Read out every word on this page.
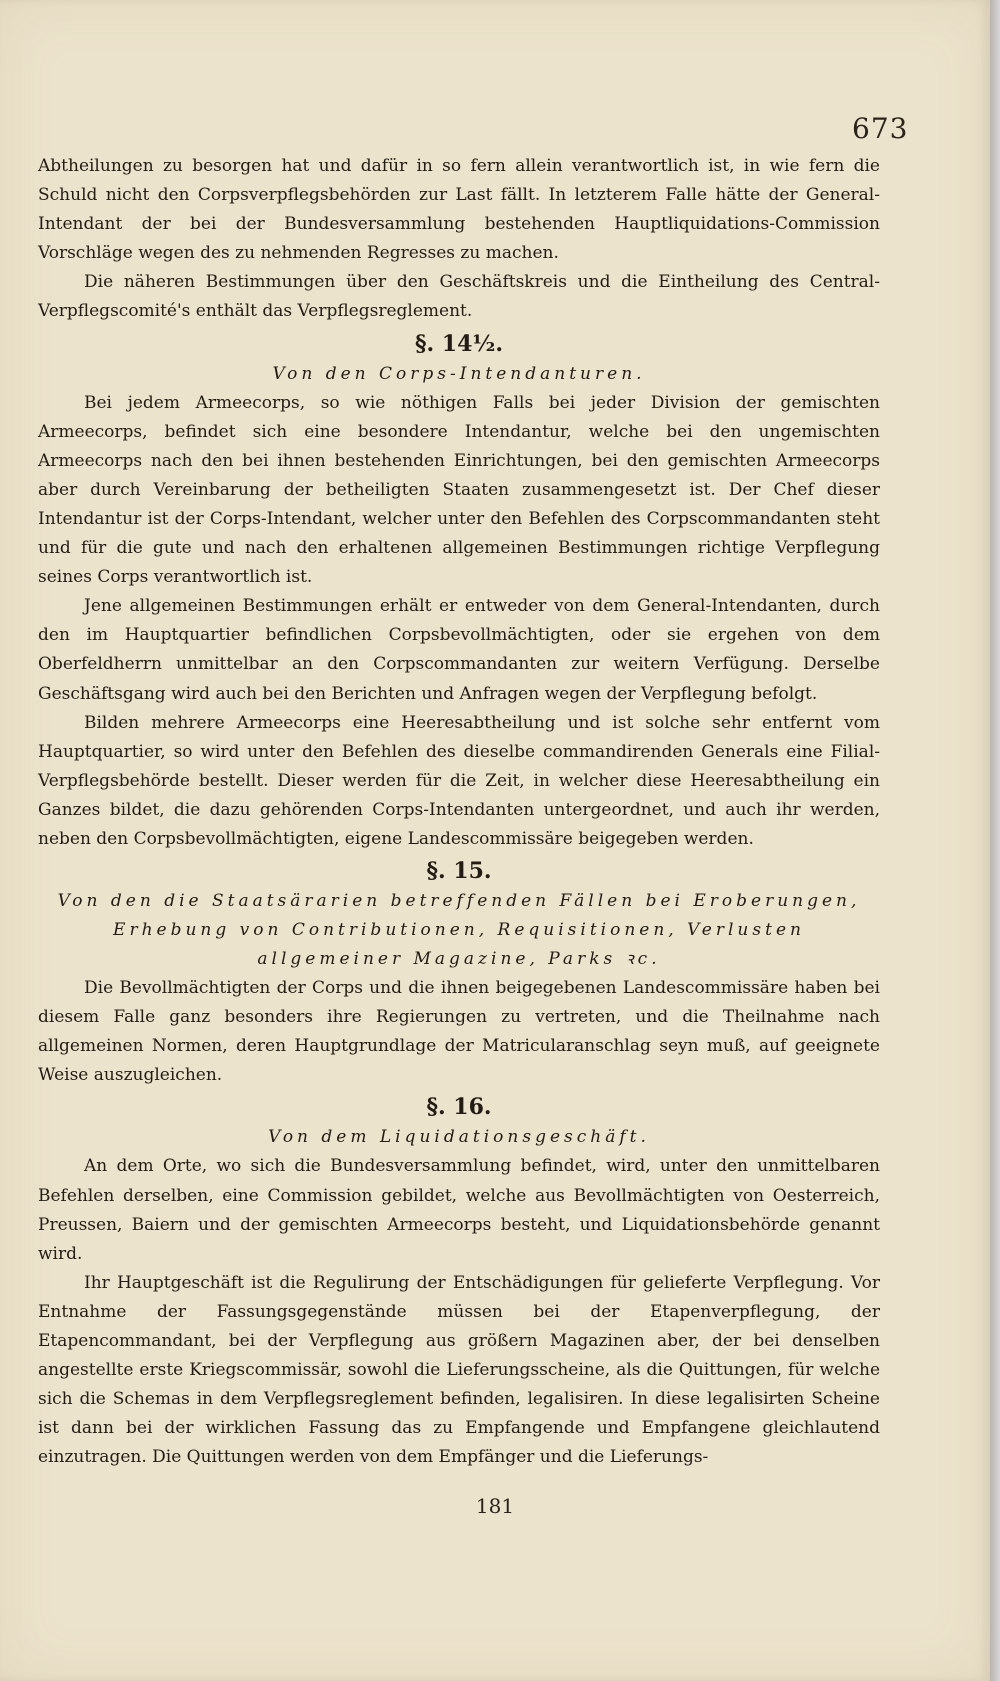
673
Abtheilungen zu besorgen hat und dafür in so fern allein verantwortlich ist, in wie fern die Schuld nicht den Corpsverpflegsbehörden zur Last fällt. In letzterem Falle hätte der General-Intendant der bei der Bundesversammlung bestehenden Hauptliquidations-Commission Vorschläge wegen des zu nehmenden Regresses zu machen.
Die näheren Bestimmungen über den Geschäftskreis und die Eintheilung des Central-Verpflegscomité's enthält das Verpflegsreglement.
§. 14½.
Von den Corps-Intendanturen.
Bei jedem Armeecorps, so wie nöthigen Falls bei jeder Division der gemischten Armeecorps, befindet sich eine besondere Intendantur, welche bei den ungemischten Armeecorps nach den bei ihnen bestehenden Einrichtungen, bei den gemischten Armeecorps aber durch Vereinbarung der betheiligten Staaten zusammengesetzt ist. Der Chef dieser Intendantur ist der Corps-Intendant, welcher unter den Befehlen des Corpscommandanten steht und für die gute und nach den erhaltenen allgemeinen Bestimmungen richtige Verpflegung seines Corps verantwortlich ist.
Jene allgemeinen Bestimmungen erhält er entweder von dem General-Intendanten, durch den im Hauptquartier befindlichen Corpsbevollmächtigten, oder sie ergehen von dem Oberfeldherrn unmittelbar an den Corpscommandanten zur weitern Verfügung. Derselbe Geschäftsgang wird auch bei den Berichten und Anfragen wegen der Verpflegung befolgt.
Bilden mehrere Armeecorps eine Heeresabtheilung und ist solche sehr entfernt vom Hauptquartier, so wird unter den Befehlen des dieselbe commandirenden Generals eine Filial-Verpflegsbehörde bestellt. Dieser werden für die Zeit, in welcher diese Heeresabtheilung ein Ganzes bildet, die dazu gehörenden Corps-Intendanten untergeordnet, und auch ihr werden, neben den Corpsbevollmächtigten, eigene Landescommissäre beigegeben werden.
§. 15.
Von den die Staatsärarien betreffenden Fällen bei Eroberungen, Erhebung von Contributionen, Requisitionen, Verlusten allgemeiner Magazine, Parks ꝛc.
Die Bevollmächtigten der Corps und die ihnen beigegebenen Landescommissäre haben bei diesem Falle ganz besonders ihre Regierungen zu vertreten, und die Theilnahme nach allgemeinen Normen, deren Hauptgrundlage der Matricularanschlag seyn muß, auf geeignete Weise auszugleichen.
§. 16.
Von dem Liquidationsgeschäft.
An dem Orte, wo sich die Bundesversammlung befindet, wird, unter den unmittelbaren Befehlen derselben, eine Commission gebildet, welche aus Bevollmächtigten von Oesterreich, Preussen, Baiern und der gemischten Armeecorps besteht, und Liquidationsbehörde genannt wird.
Ihr Hauptgeschäft ist die Regulirung der Entschädigungen für gelieferte Verpflegung. Vor Entnahme der Fassungsgegenstände müssen bei der Etapenverpflegung, der Etapencommandant, bei der Verpflegung aus größern Magazinen aber, der bei denselben angestellte erste Kriegscommissär, sowohl die Lieferungsscheine, als die Quittungen, für welche sich die Schemas in dem Verpflegsreglement befinden, legalisiren. In diese legalisirten Scheine ist dann bei der wirklichen Fassung das zu Empfangende und Empfangene gleichlautend einzutragen. Die Quittungen werden von dem Empfänger und die Lieferungs-
181
